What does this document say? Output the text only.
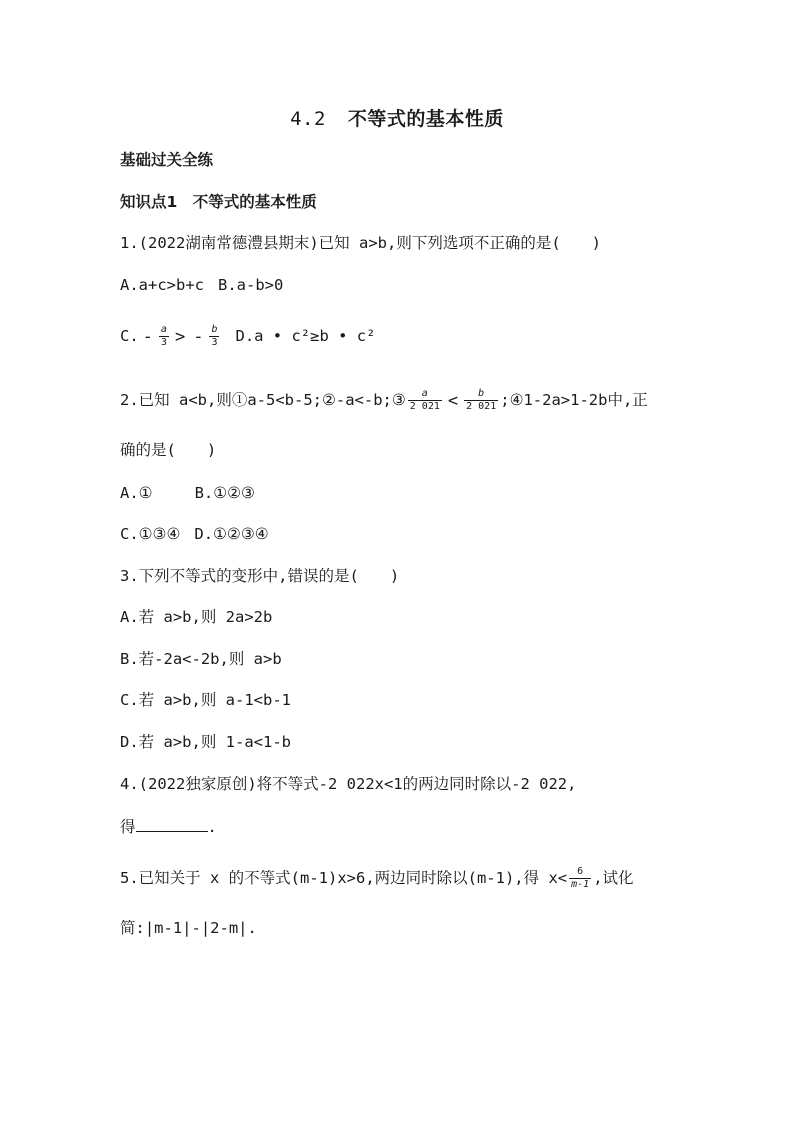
4.2 不等式的基本性质
基础过关全练
知识点1　不等式的基本性质
1.(2022湖南常德澧县期末)已知 a>b,则下列选项不正确的是(　　)
A.a+c>b+c B.a-b>0
C. - $\frac{a}{3}$ > - $\frac{b}{3} D.a$ • c²≥b • c²
2.已知 a<b,则①a-5<b-5;②-a<-b;③ $\frac{a}{2 021} < \frac{b}{2 021}$ ;④1-2a>1-2b中,正
确的是(　　)
A.①	B.①②③
C.①③④ D.①②③④
3.下列不等式的变形中,错误的是(　　)
A.若 a>b,则 2a>2b
B.若-2a<-2b,则 a>b
C.若 a>b,则 a-1<b-1
D.若 a>b,则 1-a<1-b
4.(2022独家原创)将不等式-2 022x<1的两边同时除以-2 022,
得	.
5.已知关于 x 的不等式(m-1)x>6,两边同时除以(m-1),得 $x< \frac{6}{m-1}$ ,试化
简:|m-1|-|2-m|.
